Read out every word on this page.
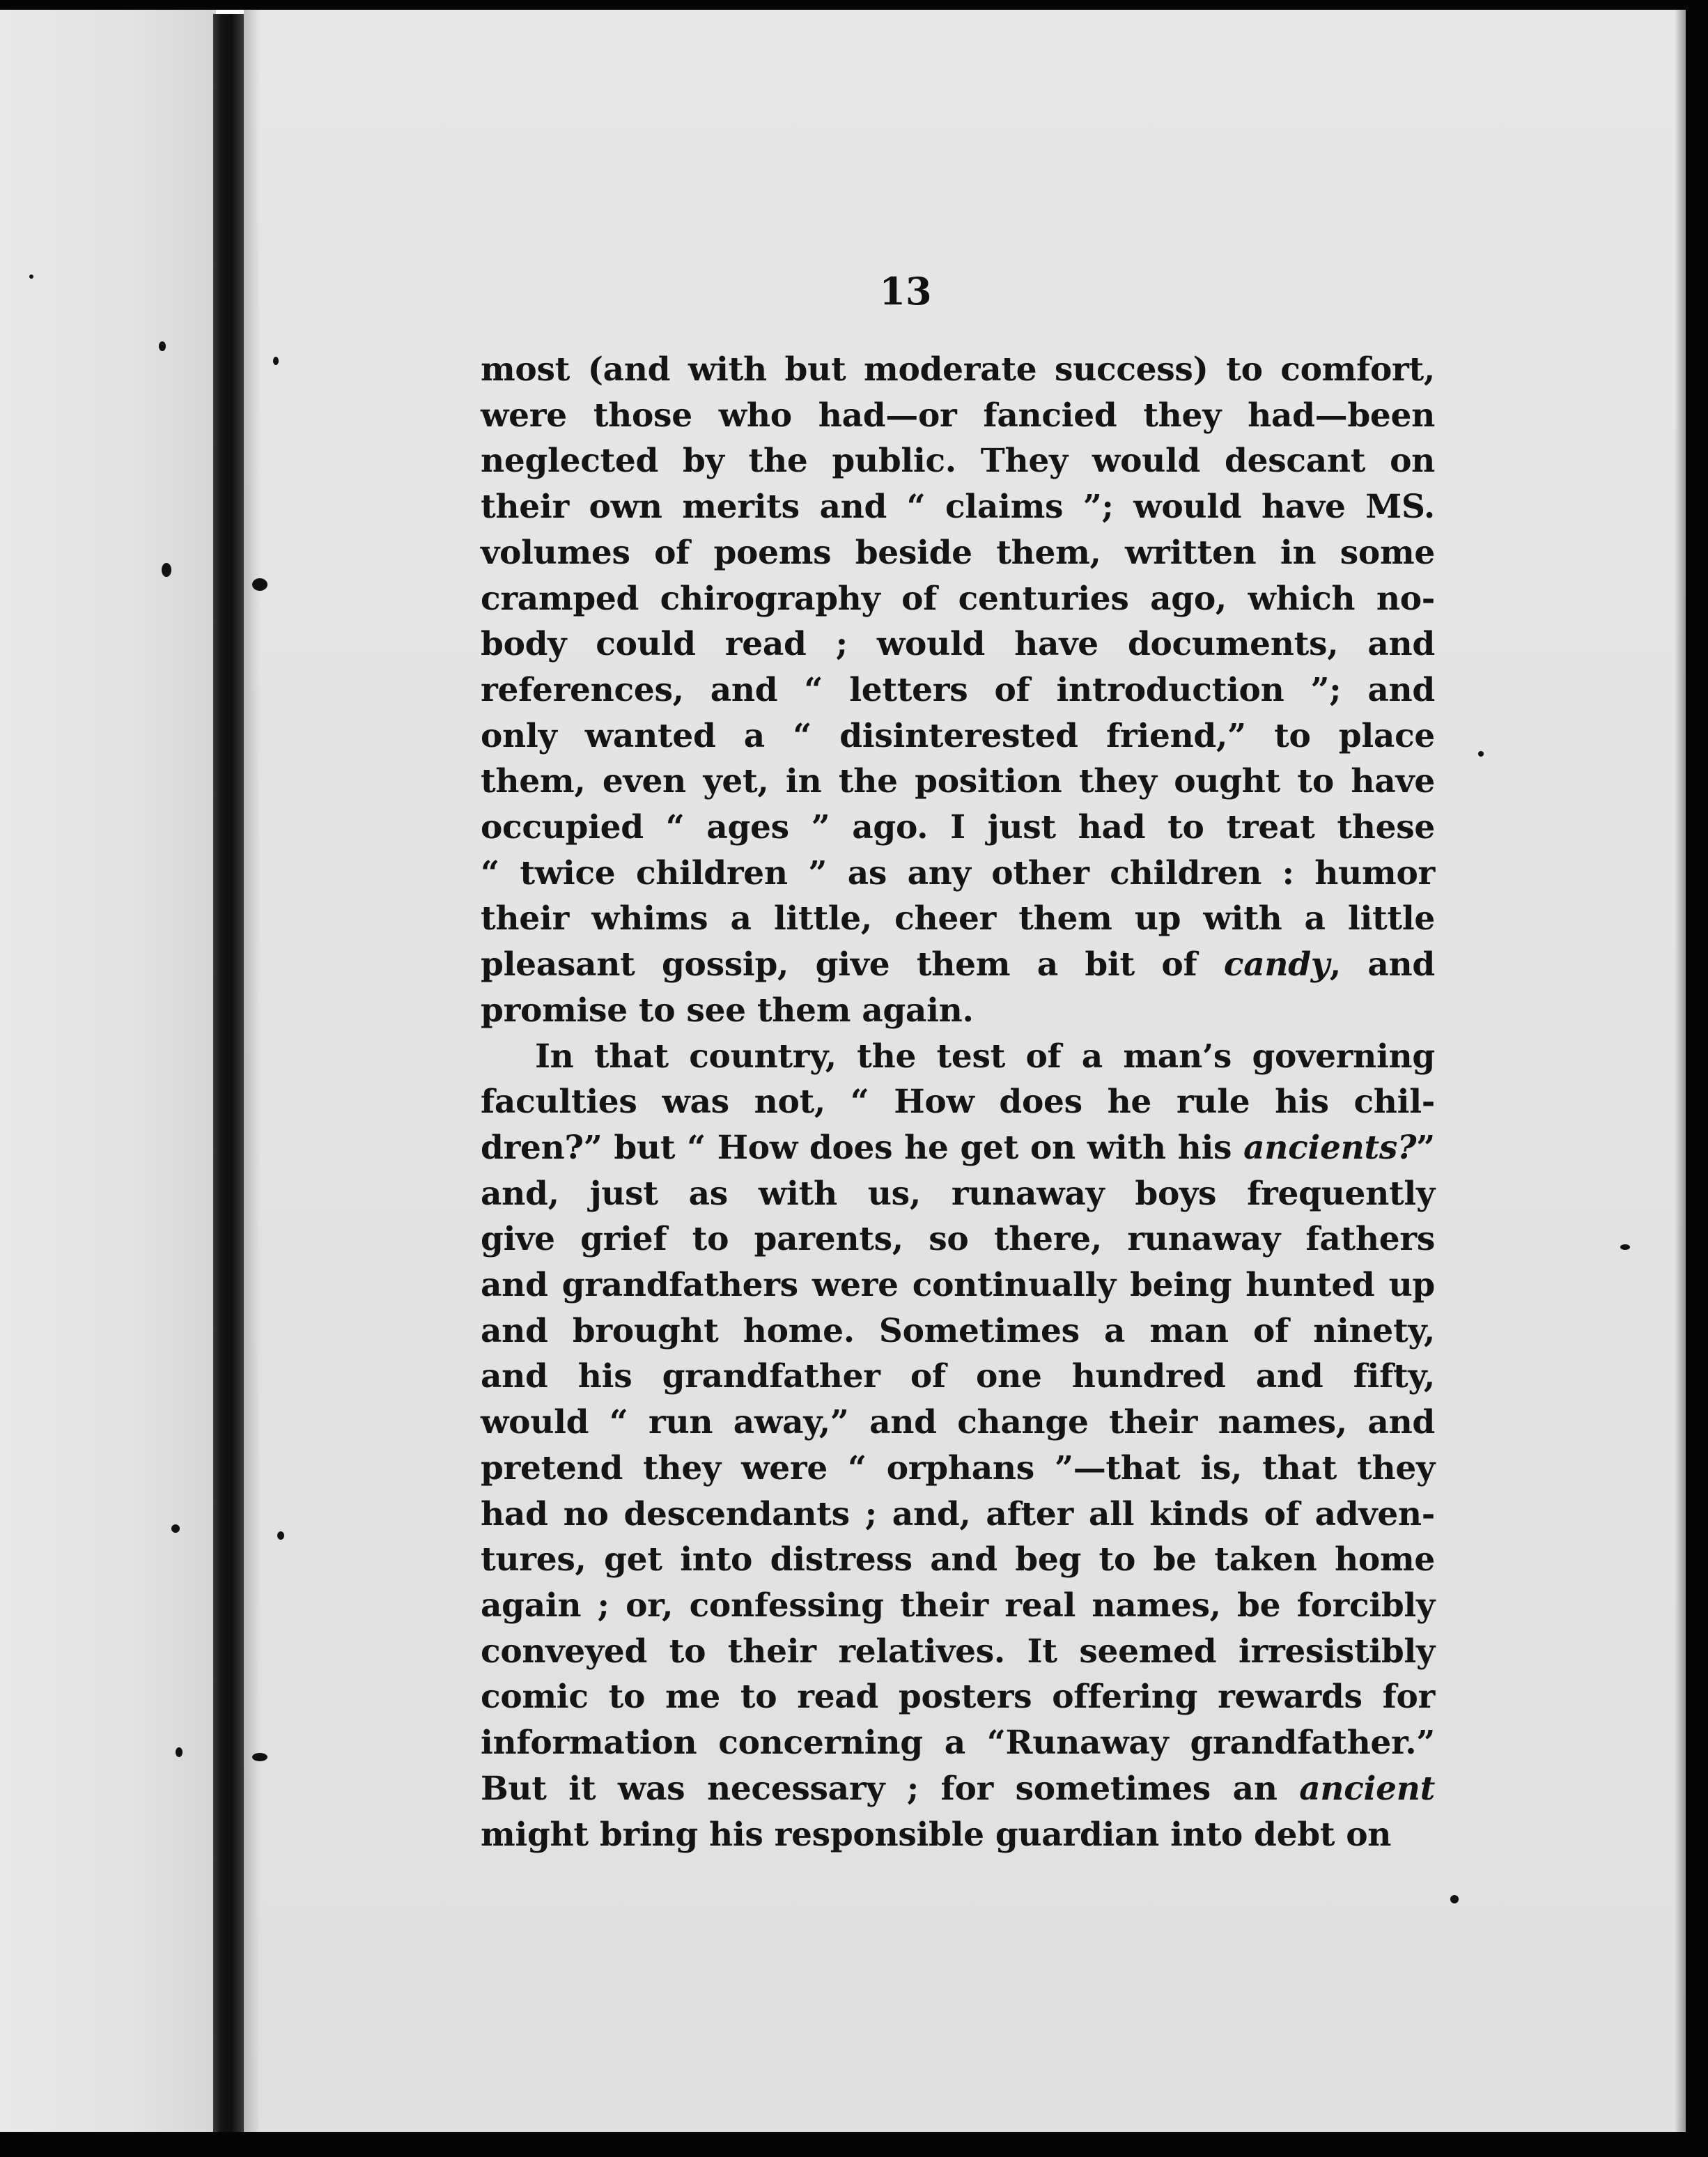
13
most (and with but moderate success) to comfort,
were those who had—or fancied they had—been
neglected by the public. They would descant on
their own merits and “ claims ”; would have MS.
volumes of poems beside them, written in some
cramped chirography of centuries ago, which no-
body could read ; would have documents, and
references, and “ letters of introduction ”; and
only wanted a “ disinterested friend,” to place
them, even yet, in the position they ought to have
occupied “ ages ” ago. I just had to treat these
“ twice children ” as any other children : humor
their whims a little, cheer them up with a little
pleasant gossip, give them a bit of candy, and
promise to see them again.
In that country, the test of a man’s governing
faculties was not, “ How does he rule his chil-
dren?” but “ How does he get on with his ancients?”
and, just as with us, runaway boys frequently
give grief to parents, so there, runaway fathers
and grandfathers were continually being hunted up
and brought home. Sometimes a man of ninety,
and his grandfather of one hundred and fifty,
would “ run away,” and change their names, and
pretend they were “ orphans ”—that is, that they
had no descendants ; and, after all kinds of adven-
tures, get into distress and beg to be taken home
again ; or, confessing their real names, be forcibly
conveyed to their relatives. It seemed irresistibly
comic to me to read posters offering rewards for
information concerning a “Runaway grandfather.”
But it was necessary ; for sometimes an ancient
might bring his responsible guardian into debt on
